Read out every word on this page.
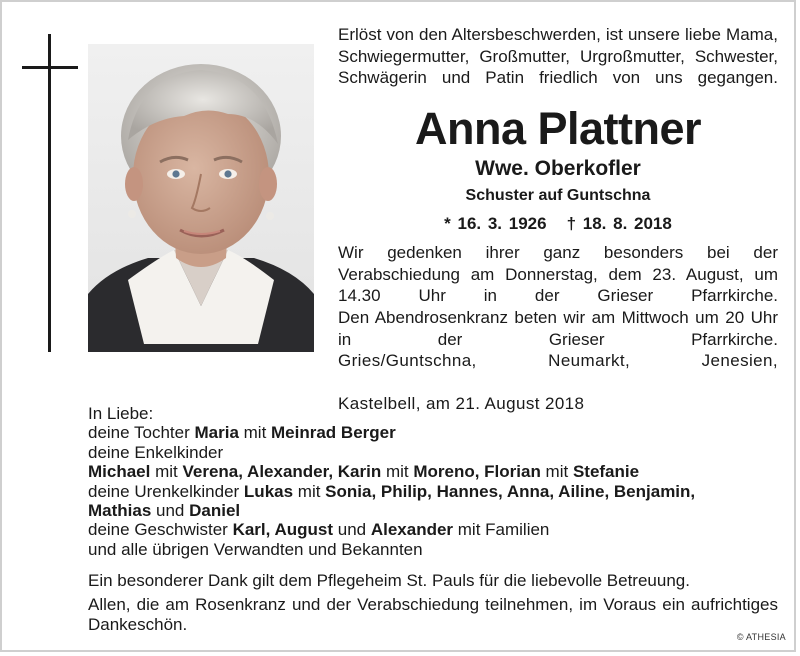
Erlöst von den Altersbeschwerden, ist unsere liebe Mama, Schwiegermutter, Großmutter, Urgroßmutter, Schwester, Schwägerin und Patin friedlich von uns gegangen.

Anna Plattner
Wwe. Oberkofler
Schuster auf Guntschna
* 16. 3. 1926 † 18. 8. 2018

Wir gedenken ihrer ganz besonders bei der Verabschiedung am Donnerstag, dem 23. August, um 14.30 Uhr in der Grieser Pfarrkirche.

Den Abendrosenkranz beten wir am Mittwoch um 20 Uhr in der Grieser Pfarrkirche.

Gries/Guntschna, Neumarkt, Jenesien,
Kastelbell, am 21. August 2018
In Liebe:
deine Tochter Maria mit Meinrad Berger
deine Enkelkinder
Michael mit Verena, Alexander, Karin mit Moreno, Florian mit Stefanie
deine Urenkelkinder Lukas mit Sonia, Philip, Hannes, Anna, Ailine, Benjamin,
Mathias und Daniel
deine Geschwister Karl, August und Alexander mit Familien
und alle übrigen Verwandten und Bekannten
Ein besonderer Dank gilt dem Pflegeheim St. Pauls für die liebevolle Betreuung.
Allen, die am Rosenkranz und der Verabschiedung teilnehmen, im Voraus ein aufrichtiges Dankeschön.
© ATHESIA
